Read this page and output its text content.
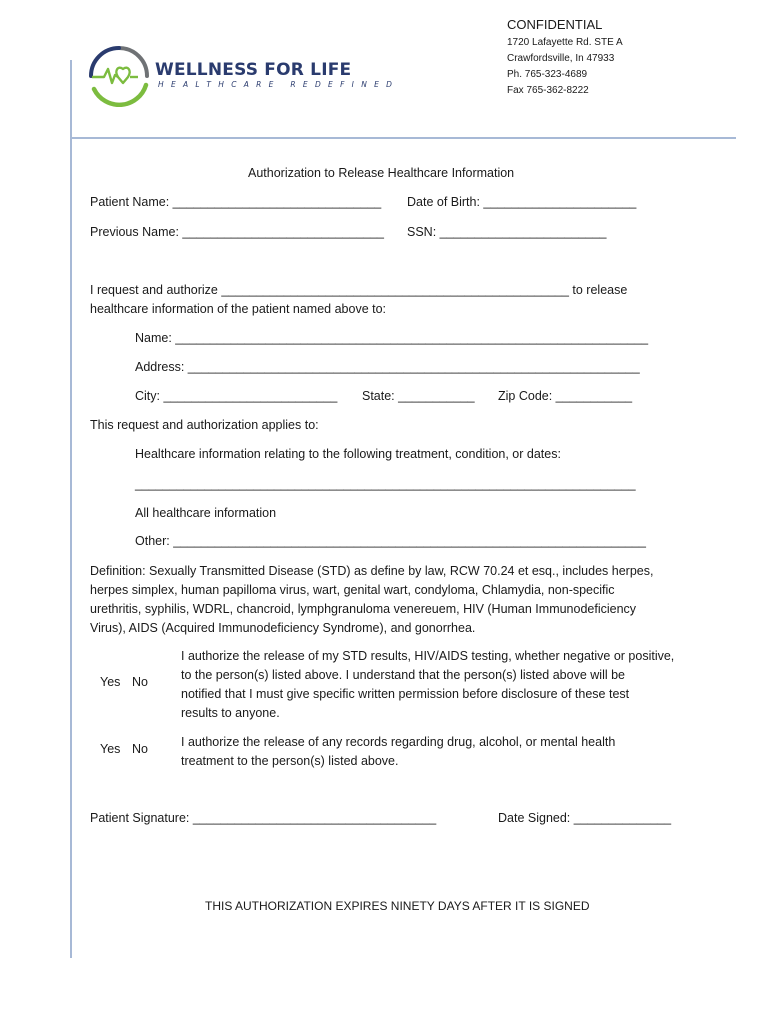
WELLNESS FOR LIFE
HEALTHCARE REDEFINED
CONFIDENTIAL
1720 Lafayette Rd. STE A
Crawfordsville, In 47933
Ph. 765-323-4689
Fax 765-362-8222
Authorization to Release Healthcare Information
Patient Name: ______________________________ Date of Birth: ______________________
Previous Name: _____________________________ SSN: ________________________
I request and authorize __________________________________________________ to release
healthcare information of the patient named above to:
Name: ____________________________________________________________________
Address: _________________________________________________________________
City: _________________________ State: ___________ Zip Code: ___________
This request and authorization applies to:
Healthcare information relating to the following treatment, condition, or dates:
________________________________________________________________________
All healthcare information
Other: ____________________________________________________________________
Definition: Sexually Transmitted Disease (STD) as define by law, RCW 70.24 et esq., includes herpes,
herpes simplex, human papilloma virus, wart, genital wart, condyloma, Chlamydia, non-specific
urethritis, syphilis, WDRL, chancroid, lymphgranuloma venereuem, HIV (Human Immunodeficiency
Virus), AIDS (Acquired Immunodeficiency Syndrome), and gonorrhea.
Yes No
I authorize the release of my STD results, HIV/AIDS testing, whether negative or positive,
to the person(s) listed above. I understand that the person(s) listed above will be
notified that I must give specific written permission before disclosure of these test
results to anyone.
Yes No	I authorize the release of any records regarding drug, alcohol, or mental health
treatment to the person(s) listed above.
Patient Signature: ___________________________________	Date Signed: ______________
THIS AUTHORIZATION EXPIRES NINETY DAYS AFTER IT IS SIGNED
